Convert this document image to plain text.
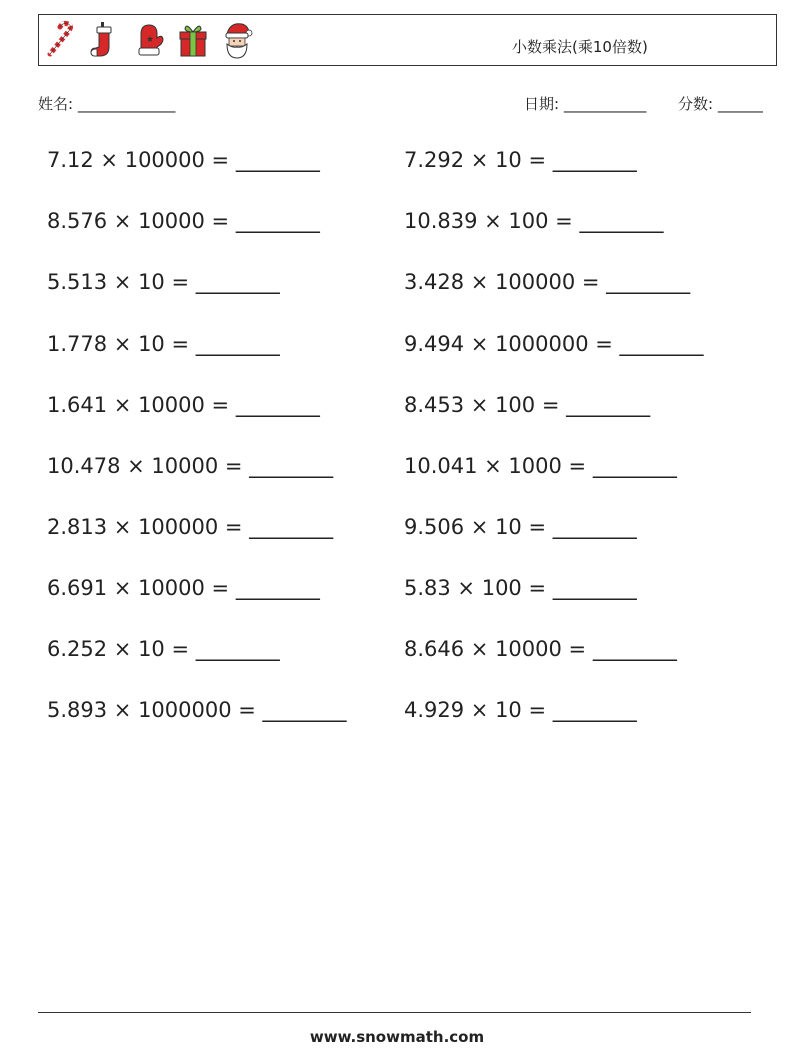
★	小数乘法(乘10倍数)
姓名: _____________	日期: ___________ 分数: ______
7.12 × 100000 = ________	7.292 × 10 = ________
8.576 × 10000 = ________	10.839 × 100 = ________
5.513 × 10 = ________	3.428 × 100000 = ________
1.778 × 10 = ________	9.494 × 1000000 = ________
1.641 × 10000 = ________	8.453 × 100 = ________
10.478 × 10000 = ________	10.041 × 1000 = ________
2.813 × 100000 = ________	9.506 × 10 = ________
6.691 × 10000 = ________	5.83 × 100 = ________
6.252 × 10 = ________	8.646 × 10000 = ________
5.893 × 1000000 = ________	4.929 × 10 = ________
www.snowmath.com
